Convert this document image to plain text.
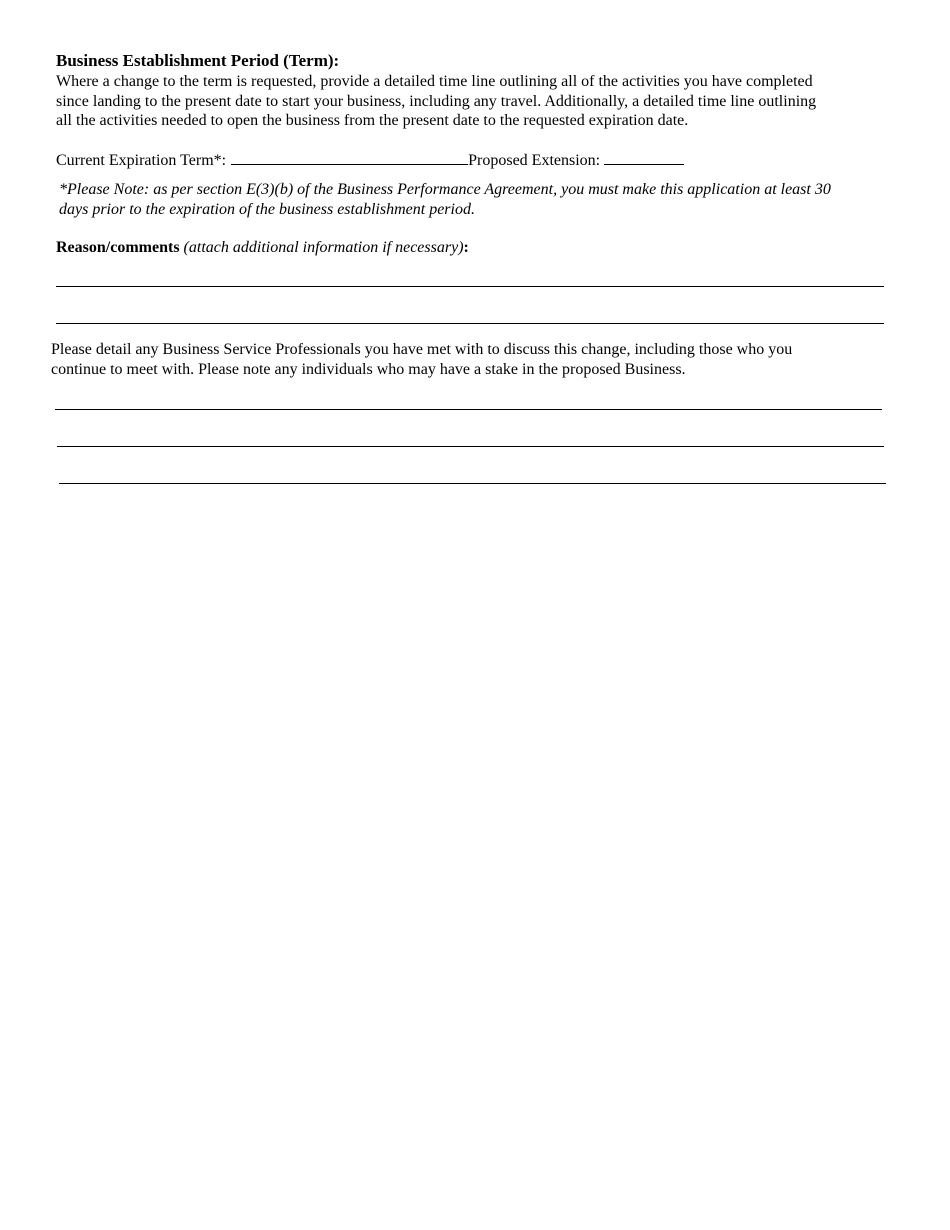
Business Establishment Period (Term):

Where a change to the term is requested, provide a detailed time line outlining all of the activities you have completed

since landing to the present date to start your business, including any travel. Additionally, a detailed time line outlining

all the activities needed to open the business from the present date to the requested expiration date.

Current Expiration Term*:	Proposed Extension:

*Please Note: as per section E(3)(b) of the Business Performance Agreement, you must make this application at least 30

days prior to the expiration of the business establishment period.

Reason/comments (attach additional information if necessary):

Please detail any Business Service Professionals you have met with to discuss this change, including those who you

continue to meet with. Please note any individuals who may have a stake in the proposed Business.
